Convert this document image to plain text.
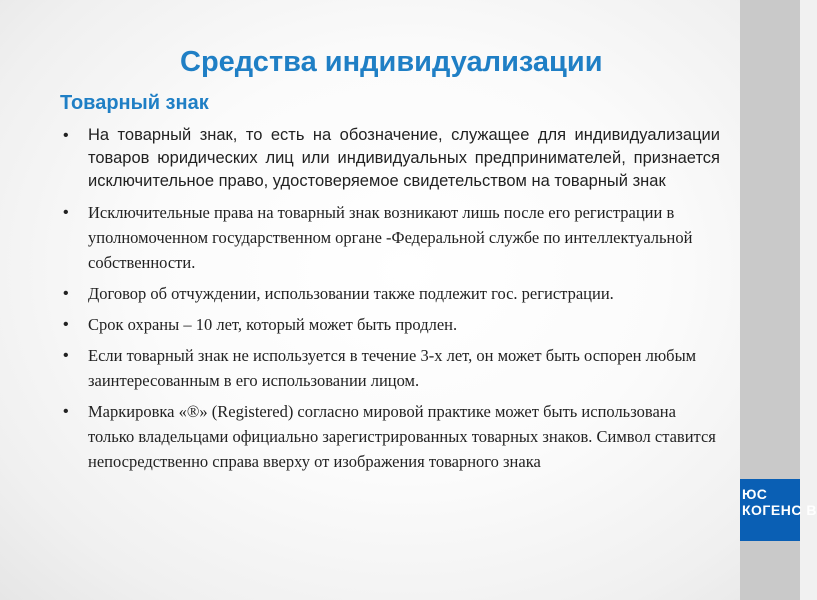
Средства индивидуализации
Товарный знак
• На товарный знак, то есть на обозначение, служащее для индивидуализации товаров юридических лиц или индивидуальных предпринимателей, признается исключительное право, удостоверяемое свидетельством на товарный знак
• Исключительные права на товарный знак возникают лишь после его регистрации в уполномоченном государственном органе -Федеральной службе по интеллектуальной собственности.
• Договор об отчуждении, использовании также подлежит гос. регистрации.
• Срок охраны – 10 лет, который может быть продлен.
• Если товарный знак не используется в течение 3-х лет, он может быть оспорен любым заинтересованным в его использовании лицом.
• Маркировка «®» (Registered) согласно мировой практике может быть использована только владельцами официально зарегистрированных товарных знаков. Символ ставится непосредственно справа вверху от изображения товарного знака
ЮС
КОГЕНС В
